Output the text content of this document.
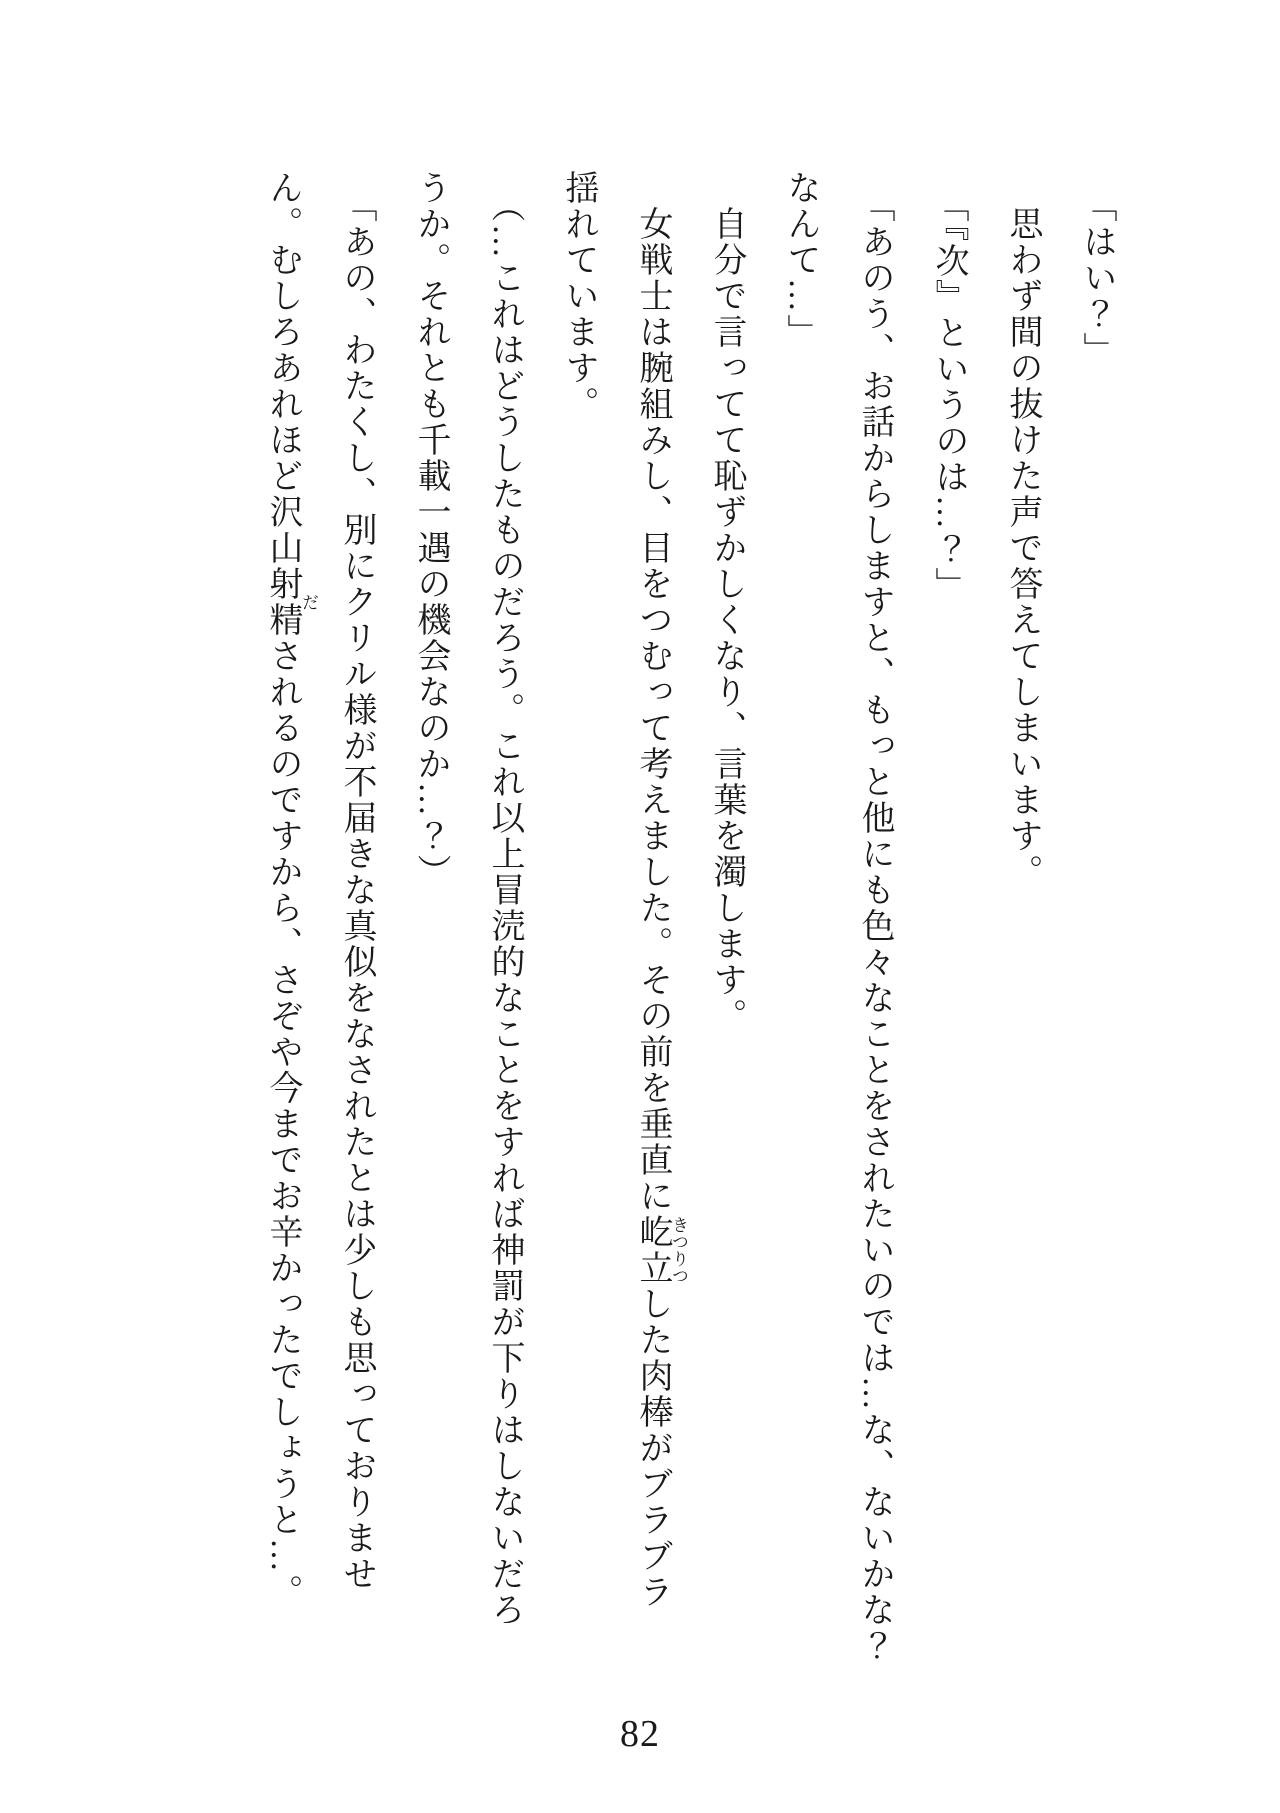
「はい？」
思わず間の抜けた声で答えてしまいます。
「『次』というのは…？」
「あのう、お話からしますと、もっと他にも色々なことをされたいのでは…な、ないかな？
なんて…」
自分で言ってて恥ずかしくなり、言葉を濁します。
女戦士は腕組みし、目をつむって考えました。その前を垂直に屹立きつりつした肉棒がブラブラ
揺れています。
（…これはどうしたものだろう。これ以上冒涜的なことをすれば神罰が下りはしないだろ
うか。それとも千載一遇の機会なのか…？）
「あの、わたくし、別にクリル様が不届きな真似をなされたとは少しも思っておりませ
ん。むしろあれほど沢山射精だされるのですから、さぞや今までお辛かったでしょうと…。
82
